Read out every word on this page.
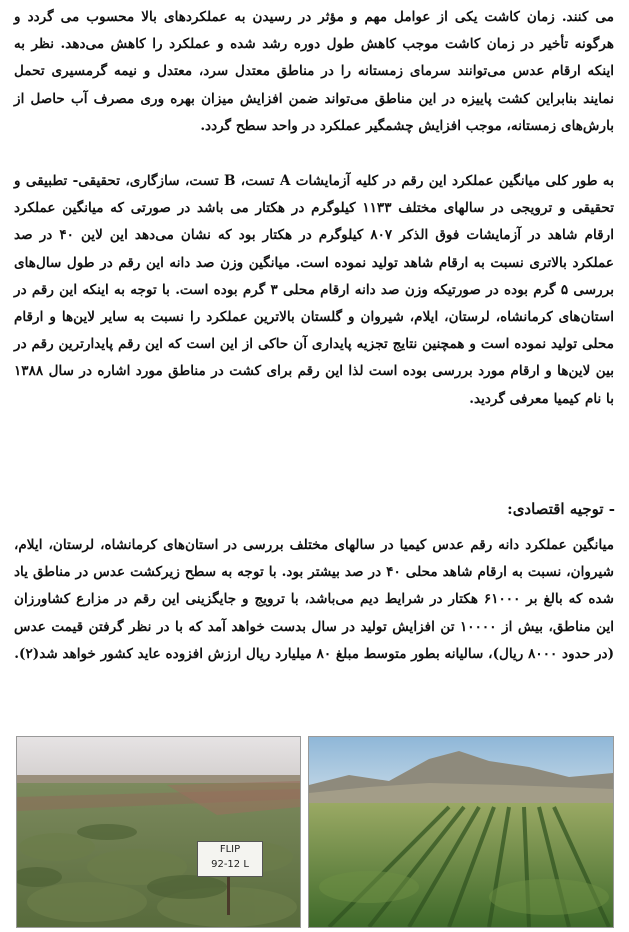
می کنند. زمان کاشت یکی از عوامل مهم و مؤثر در رسیدن به عملکردهای بالا محسوب می گردد و هرگونه تأخیر در زمان کاشت موجب کاهش طول دوره رشد شده و عملکرد را کاهش می‌دهد. نظر به اینکه ارقام عدس می‌توانند سرمای زمستانه را در مناطق معتدل سرد، معتدل و نیمه گرمسیری تحمل نمایند بنابراین کشت پاییزه در این مناطق می‌تواند ضمن افزایش میزان بهره وری مصرف آب حاصل از بارش‌های زمستانه، موجب افزایش چشمگیر عملکرد در واحد سطح گردد.

به طور کلی میانگین عملکرد این رقم در کلیه آزمایشات A تست، B تست، سازگاری، تحقیقی- تطبیقی و تحقیقی و ترویجی در سالهای مختلف ۱۱۳۳ کیلوگرم در هکتار می باشد در صورتی که میانگین عملکرد ارقام شاهد در آزمایشات فوق الذکر ۸۰۷ کیلوگرم در هکتار بود که نشان می‌دهد این لاین ۴۰ در صد عملکرد بالاتری نسبت به ارقام شاهد تولید نموده است. میانگین وزن صد دانه این رقم در طول سال‌های بررسی ۵ گرم بوده در صورتیکه وزن صد دانه ارقام محلی ۳ گرم بوده است. با توجه به اینکه این رقم در استان‌های کرمانشاه، لرستان، ایلام، شیروان و گلستان بالاترین عملکرد را نسبت به سایر لاین‌ها و ارقام محلی تولید نموده است و همچنین نتایج تجزیه پایداری آن حاکی از این است که این رقم پایدارترین رقم در بین لاین‌ها و ارقام مورد بررسی بوده است لذا این رقم برای کشت در مناطق مورد اشاره در سال ۱۳۸۸ با نام کیمیا معرفی گردید.

- توجیه اقتصادی:

میانگین عملکرد دانه رقم عدس کیمیا در سالهای مختلف بررسی در استان‌های کرمانشاه، لرستان، ایلام، شیروان، نسبت به ارقام شاهد محلی ۴۰ در صد بیشتر بود. با توجه به سطح زیرکشت عدس در مناطق یاد شده که بالغ بر ۶۱۰۰۰ هکتار در شرایط دیم می‌باشد، با ترویج و جایگزینی این رقم در مزارع کشاورزان این مناطق، بیش از ۱۰۰۰۰ تن افزایش تولید در سال بدست خواهد آمد که با در نظر گرفتن قیمت عدس (در حدود ۸۰۰۰ ریال)، سالیانه بطور متوسط مبلغ ۸۰ میلیارد ریال ارزش افزوده عاید کشور خواهد شد(۲).

FLIP
92-12 L
